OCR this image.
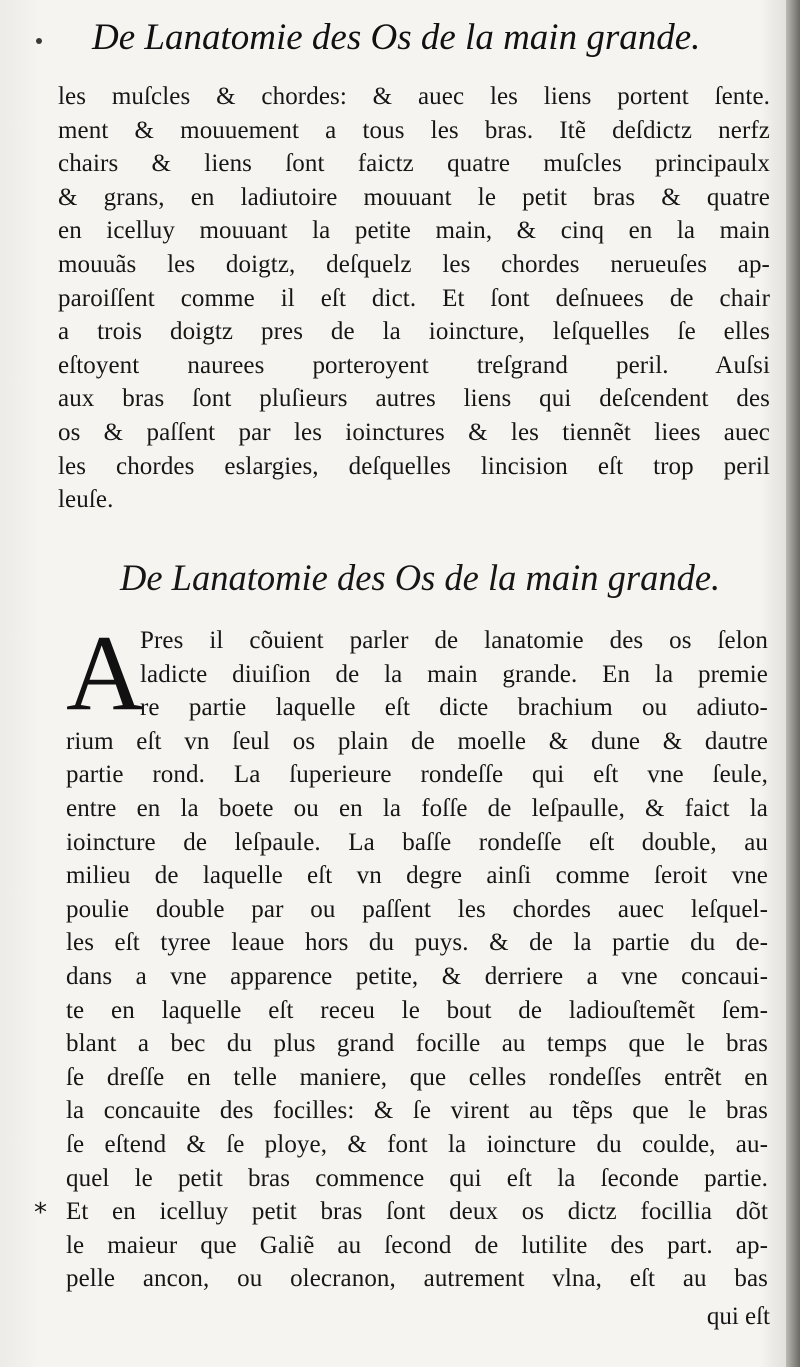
De Lanatomie des Os de la main grande.
les muſcles & chordes: & auec les liens portent ſente.
ment & mouuement a tous les bras. Itẽ deſdictz nerfz
chairs & liens ſont faictz quatre muſcles principaulx
& grans, en ladiutoire mouuant le petit bras & quatre
en icelluy mouuant la petite main, & cinq en la main
mouuãs les doigtz, deſquelz les chordes nerueuſes ap-
paroiſſent comme il eſt dict. Et ſont deſnuees de chair
a trois doigtz pres de la ioincture, leſquelles ſe elles
eſtoyent naurees porteroyent treſgrand peril. Auſsi
aux bras ſont pluſieurs autres liens qui deſcendent des
os & paſſent par les ioinctures & les tiennẽt liees auec
les chordes eslargies, deſquelles lincision eſt trop peril
leuſe.
De Lanatomie des Os de la main grande.
A
Pres il cõuient parler de lanatomie des os ſelon
ladicte diuiſion de la main grande. En la premie
re partie laquelle eſt dicte brachium ou adiuto-
rium eſt vn ſeul os plain de moelle & dune & dautre
partie rond. La ſuperieure rondeſſe qui eſt vne ſeule,
entre en la boete ou en la foſſe de leſpaulle, & faict la
ioincture de leſpaule. La baſſe rondeſſe eſt double, au
milieu de laquelle eſt vn degre ainſi comme ſeroit vne
poulie double par ou paſſent les chordes auec leſquel-
les eſt tyree leaue hors du puys. & de la partie du de-
dans a vne apparence petite, & derriere a vne concaui-
te en laquelle eſt receu le bout de ladiouſtemẽt ſem-
blant a bec du plus grand focille au temps que le bras
ſe dreſſe en telle maniere, que celles rondeſſes entrẽt en
la concauite des focilles: & ſe virent au tẽps que le bras
ſe eſtend & ſe ploye, & font la ioincture du coulde, au-
quel le petit bras commence qui eſt la ſeconde partie.
Et en icelluy petit bras ſont deux os dictz focillia dõt
le maieur que Galiẽ au ſecond de lutilite des part. ap-
pelle ancon, ou olecranon, autrement vlna, eſt au bas
*
qui eſt
